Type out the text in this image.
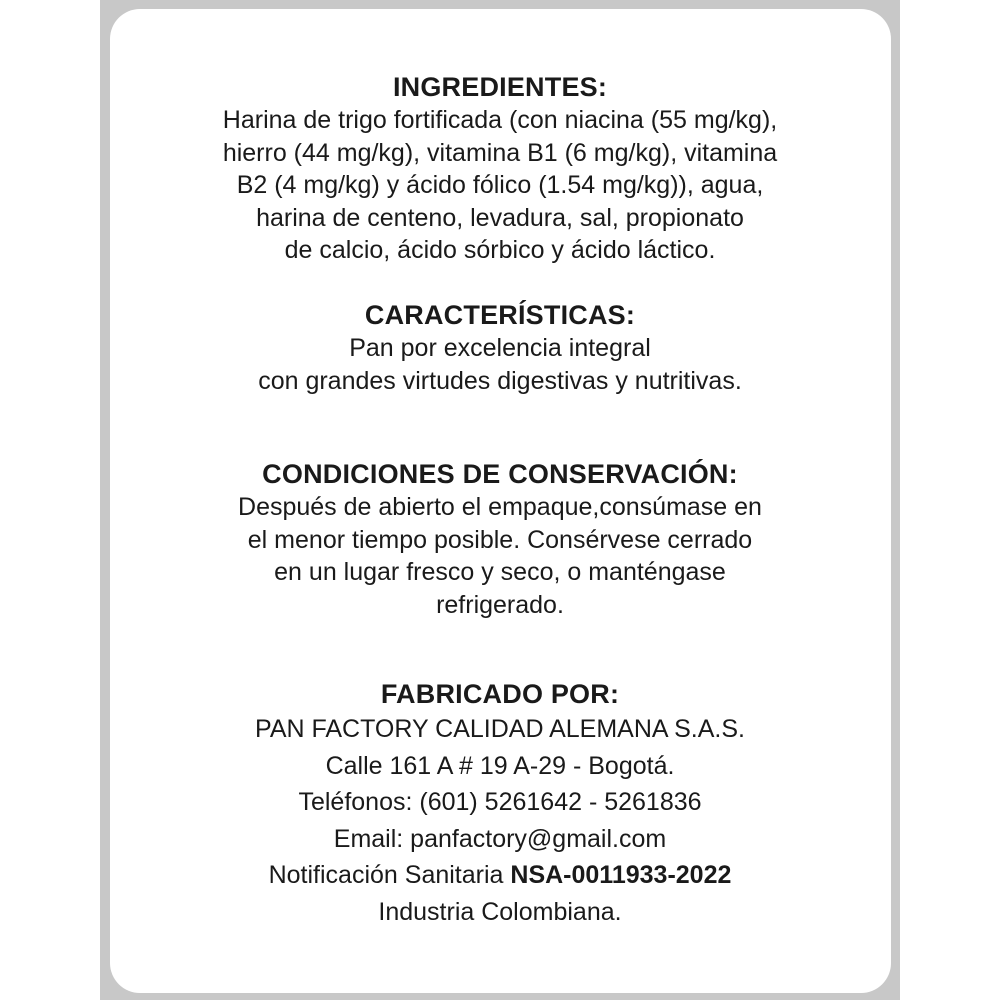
INGREDIENTES:
Harina de trigo fortificada (con niacina (55 mg/kg),
hierro (44 mg/kg), vitamina B1 (6 mg/kg), vitamina
B2 (4 mg/kg) y ácido fólico (1.54 mg/kg)), agua,
harina de centeno, levadura, sal, propionato
de calcio, ácido sórbico y ácido láctico.
CARACTERÍSTICAS:
Pan por excelencia integral
con grandes virtudes digestivas y nutritivas.
CONDICIONES DE CONSERVACIÓN:
Después de abierto el empaque,consúmase en
el menor tiempo posible. Consérvese cerrado
en un lugar fresco y seco, o manténgase
refrigerado.
FABRICADO POR:
PAN FACTORY CALIDAD ALEMANA S.A.S.
Calle 161 A # 19 A-29 - Bogotá.
Teléfonos: (601) 5261642 - 5261836
Email: panfactory@gmail.com
Notificación Sanitaria NSA-0011933-2022
Industria Colombiana.
